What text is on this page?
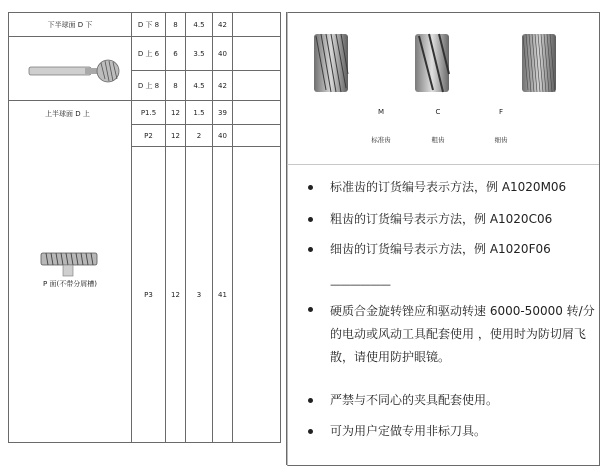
下半球面 D 下	D 下 8	8	4.5	42	

上半球面 D 上	D 上 6	6	3.5	40	
	D 上 8	8	4.5	42	

P 面(不带分屑槽)	P1.5	12	1.5	39	
	P2	12	2	40	
	P3	12	3	41	
M	C	F
标准齿	粗齿	细齿
标准齿的订货编号表示方法，例 A1020M06
粗齿的订货编号表示方法，例 A1020C06
细齿的订货编号表示方法，例 A1020F06
——————
硬质合金旋转锉应和驱动转速 6000-50000 转/分的电动或风动工具配套使用 ，使用时为防切屑飞散，请使用防护眼镜。
严禁与不同心的夹具配套使用。
可为用户定做专用非标刀具。
